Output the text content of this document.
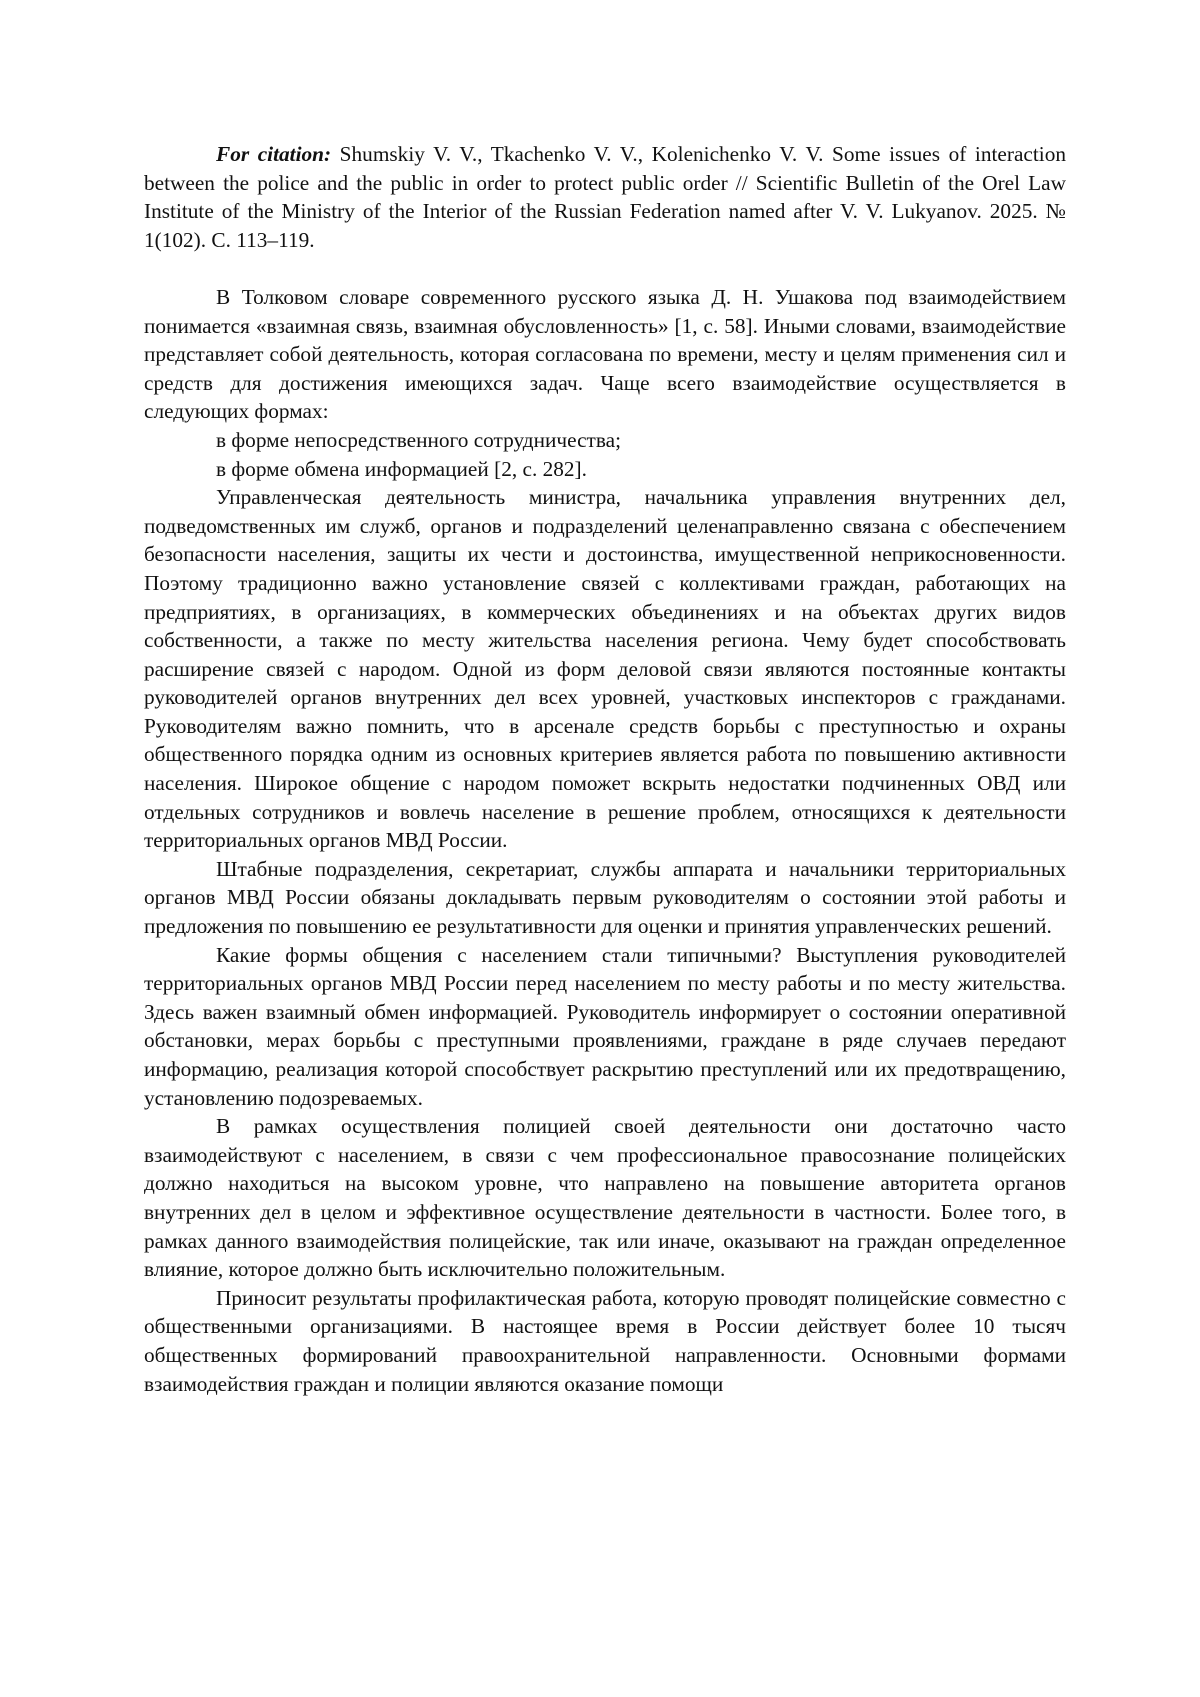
For citation: Shumskiy V. V., Tkachenko V. V., Kolenichenko V. V. Some issues of interaction between the police and the public in order to protect public order // Scientific Bulletin of the Orel Law Institute of the Ministry of the Interior of the Russian Federation named after V. V. Lukyanov. 2025. № 1(102). С. 113–119.

В Толковом словаре современного русского языка Д. Н. Ушакова под взаимодействием понимается «взаимная связь, взаимная обусловленность» [1, с. 58]. Иными словами, взаимодействие представляет собой деятельность, которая согласована по времени, месту и целям применения сил и средств для достижения имеющихся задач. Чаще всего взаимодействие осуществляется в следующих формах:

в форме непосредственного сотрудничества;

в форме обмена информацией [2, с. 282].

Управленческая деятельность министра, начальника управления внутренних дел, подведомственных им служб, органов и подразделений целенаправленно связана с обеспечением безопасности населения, защиты их чести и достоинства, имущественной неприкосновенности. Поэтому традиционно важно установление связей с коллективами граждан, работающих на предприятиях, в организациях, в коммерческих объединениях и на объектах других видов собственности, а также по месту жительства населения региона. Чему будет способствовать расширение связей с народом. Одной из форм деловой связи являются постоянные контакты руководителей органов внутренних дел всех уровней, участковых инспекторов с гражданами. Руководителям важно помнить, что в арсенале средств борьбы с преступностью и охраны общественного порядка одним из основных критериев является работа по повышению активности населения. Широкое общение с народом поможет вскрыть недостатки подчиненных ОВД или отдельных сотрудников и вовлечь население в решение проблем, относящихся к деятельности территориальных органов МВД России.

Штабные подразделения, секретариат, службы аппарата и начальники территориальных органов МВД России обязаны докладывать первым руководителям о состоянии этой работы и предложения по повышению ее результативности для оценки и принятия управленческих решений.

Какие формы общения с населением стали типичными? Выступления руководителей территориальных органов МВД России перед населением по месту работы и по месту жительства. Здесь важен взаимный обмен информацией. Руководитель информирует о состоянии оперативной обстановки, мерах борьбы с преступными проявлениями, граждане в ряде случаев передают информацию, реализация которой способствует раскрытию преступлений или их предотвращению, установлению подозреваемых.

В рамках осуществления полицией своей деятельности они достаточно часто взаимодействуют с населением, в связи с чем профессиональное правосознание полицейских должно находиться на высоком уровне, что направлено на повышение авторитета органов внутренних дел в целом и эффективное осуществление деятельности в частности. Более того, в рамках данного взаимодействия полицейские, так или иначе, оказывают на граждан определенное влияние, которое должно быть исключительно положительным.

Приносит результаты профилактическая работа, которую проводят полицейские совместно с общественными организациями. В настоящее время в России действует более 10 тысяч общественных формирований правоохранительной направленности. Основными формами взаимодействия граждан и полиции являются оказание помощи
